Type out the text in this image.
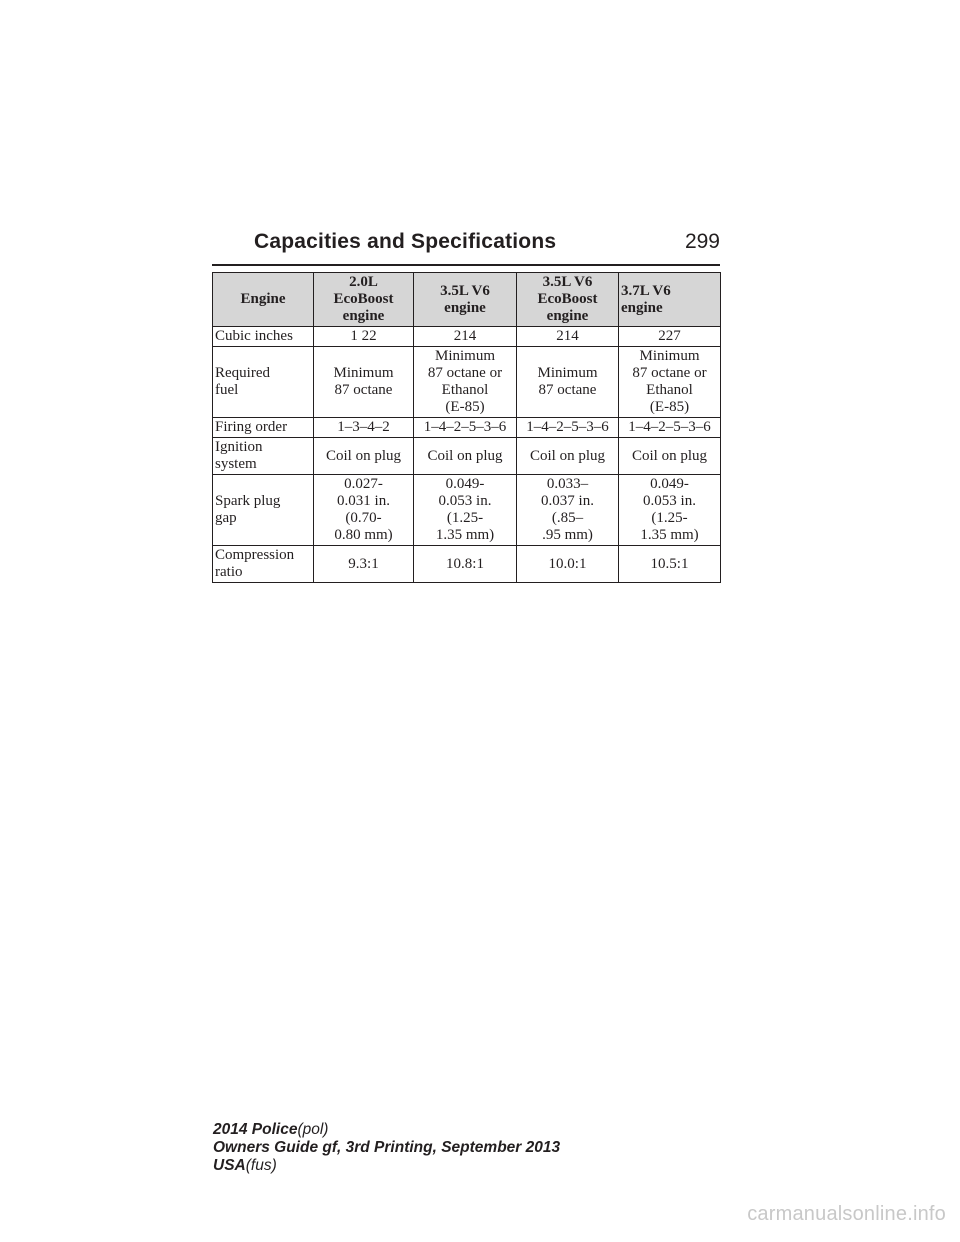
Capacities and Specifications	299
Engine	2.0L
EcoBoost
engine	3.5L V6
engine	3.5L V6
EcoBoost
engine	3.7L V6
engine

Cubic inches	1 22	214	214	227

Required
fuel	Minimum
87 octane	Minimum
87 octane or
Ethanol
(E-85)	Minimum
87 octane	Minimum
87 octane or
Ethanol
(E-85)

Firing order	1–3–4–2	1–4–2–5–3–6	1–4–2–5–3–6	1–4–2–5–3–6

Ignition
system	Coil on plug	Coil on plug	Coil on plug	Coil on plug

Spark plug
gap	0.027-
0.031 in.
(0.70-
0.80 mm)	0.049-
0.053 in.
(1.25-
1.35 mm)	0.033–
0.037 in.
(.85–
.95 mm)	0.049-
0.053 in.
(1.25-
1.35 mm)

Compression
ratio	9.3:1	10.8:1	10.0:1	10.5:1
2014 Police(pol)
Owners Guide gf, 3rd Printing, September 2013
USA(fus)
carmanualsonline.info
